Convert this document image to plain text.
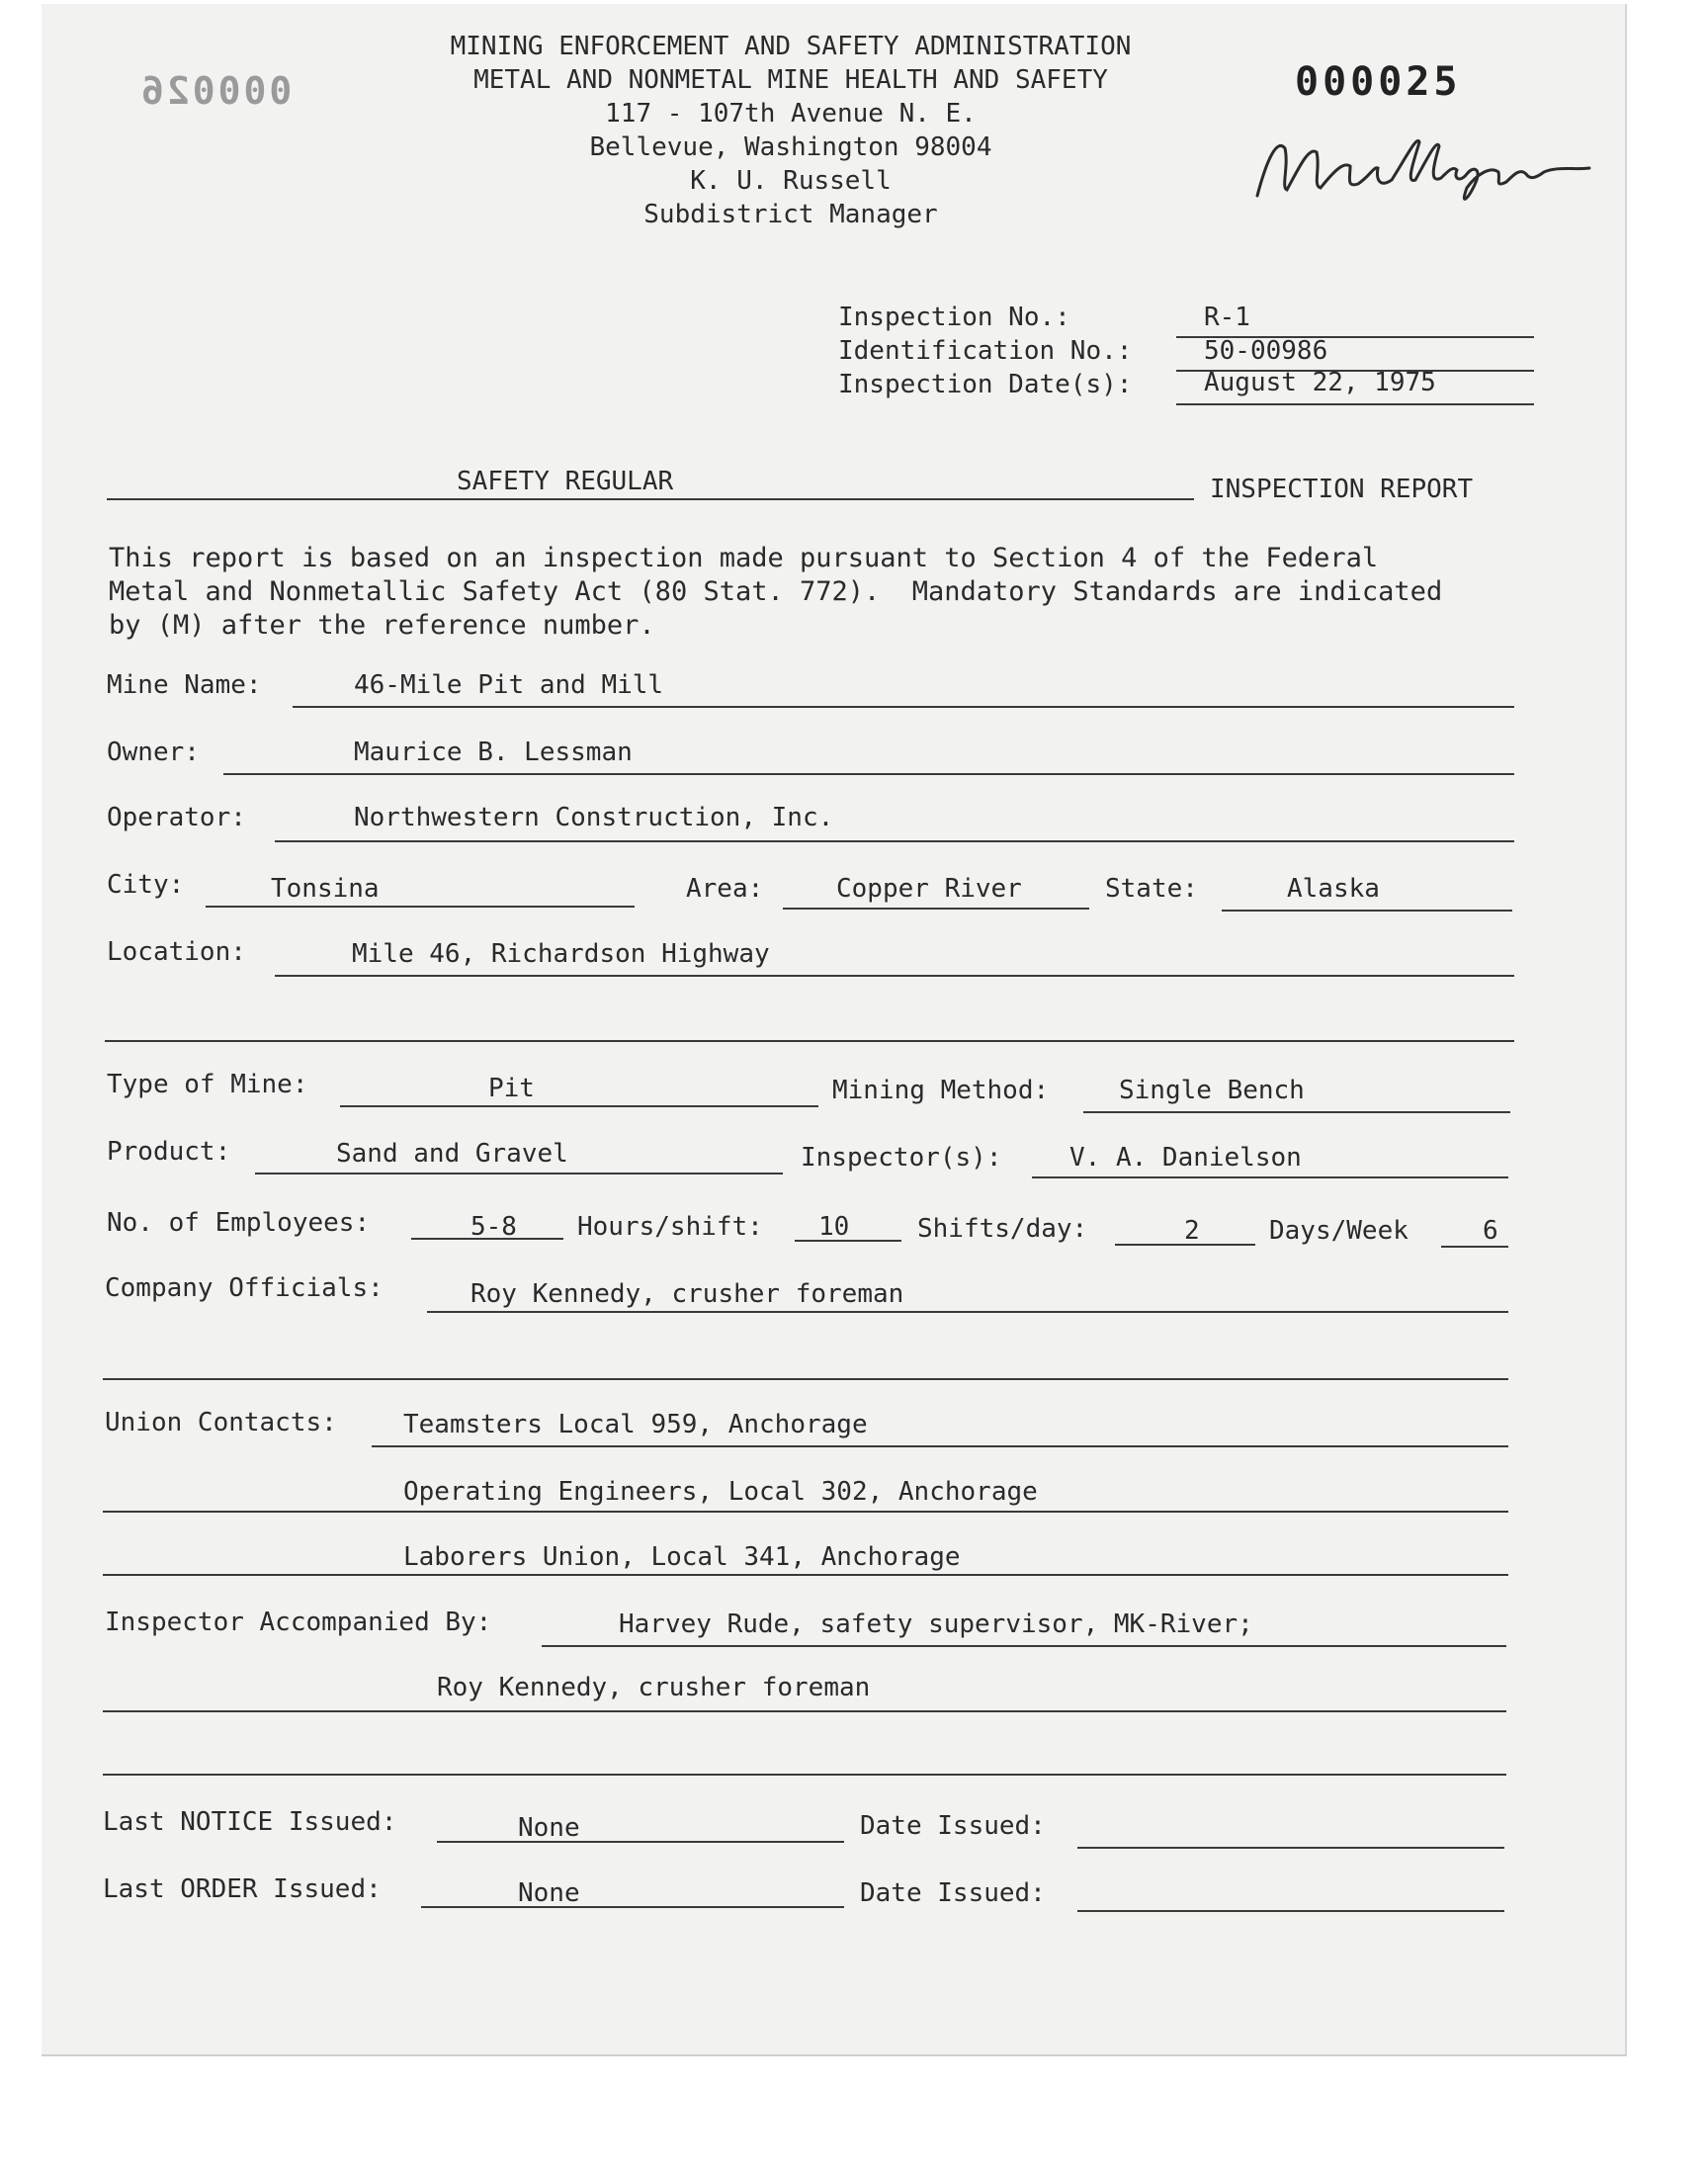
000026	000025
MINING ENFORCEMENT AND SAFETY ADMINISTRATION
METAL AND NONMETAL MINE HEALTH AND SAFETY
117 - 107th Avenue N. E.
Bellevue, Washington 98004
K. U. Russell
Subdistrict Manager
Inspection No.:	R-1
Identification No.:	50-00986
Inspection Date(s):	August 22, 1975
SAFETY REGULAR	INSPECTION REPORT
This report is based on an inspection made pursuant to Section 4 of the Federal
Metal and Nonmetallic Safety Act (80 Stat. 772).  Mandatory Standards are indicated
by (M) after the reference number.
Mine Name:	46-Mile Pit and Mill
Owner:	Maurice B. Lessman
Operator:	Northwestern Construction, Inc.
City:	Tonsina	Area:	Copper River	State:	Alaska
Location:	Mile 46, Richardson Highway
Type of Mine:	Pit	Mining Method:	Single Bench
Product:	Sand and Gravel	Inspector(s):	V. A. Danielson
No. of Employees:	5-8 Hours/shift: 10	Shifts/day:	2	Days/Week	6
Company Officials:	Roy Kennedy, crusher foreman
Union Contacts:	Teamsters Local 959, Anchorage
Operating Engineers, Local 302, Anchorage
Laborers Union, Local 341, Anchorage
Inspector Accompanied By:	Harvey Rude, safety supervisor, MK-River;
Roy Kennedy, crusher foreman
Last NOTICE Issued:	None	Date Issued:
Last ORDER Issued:	None	Date Issued:
